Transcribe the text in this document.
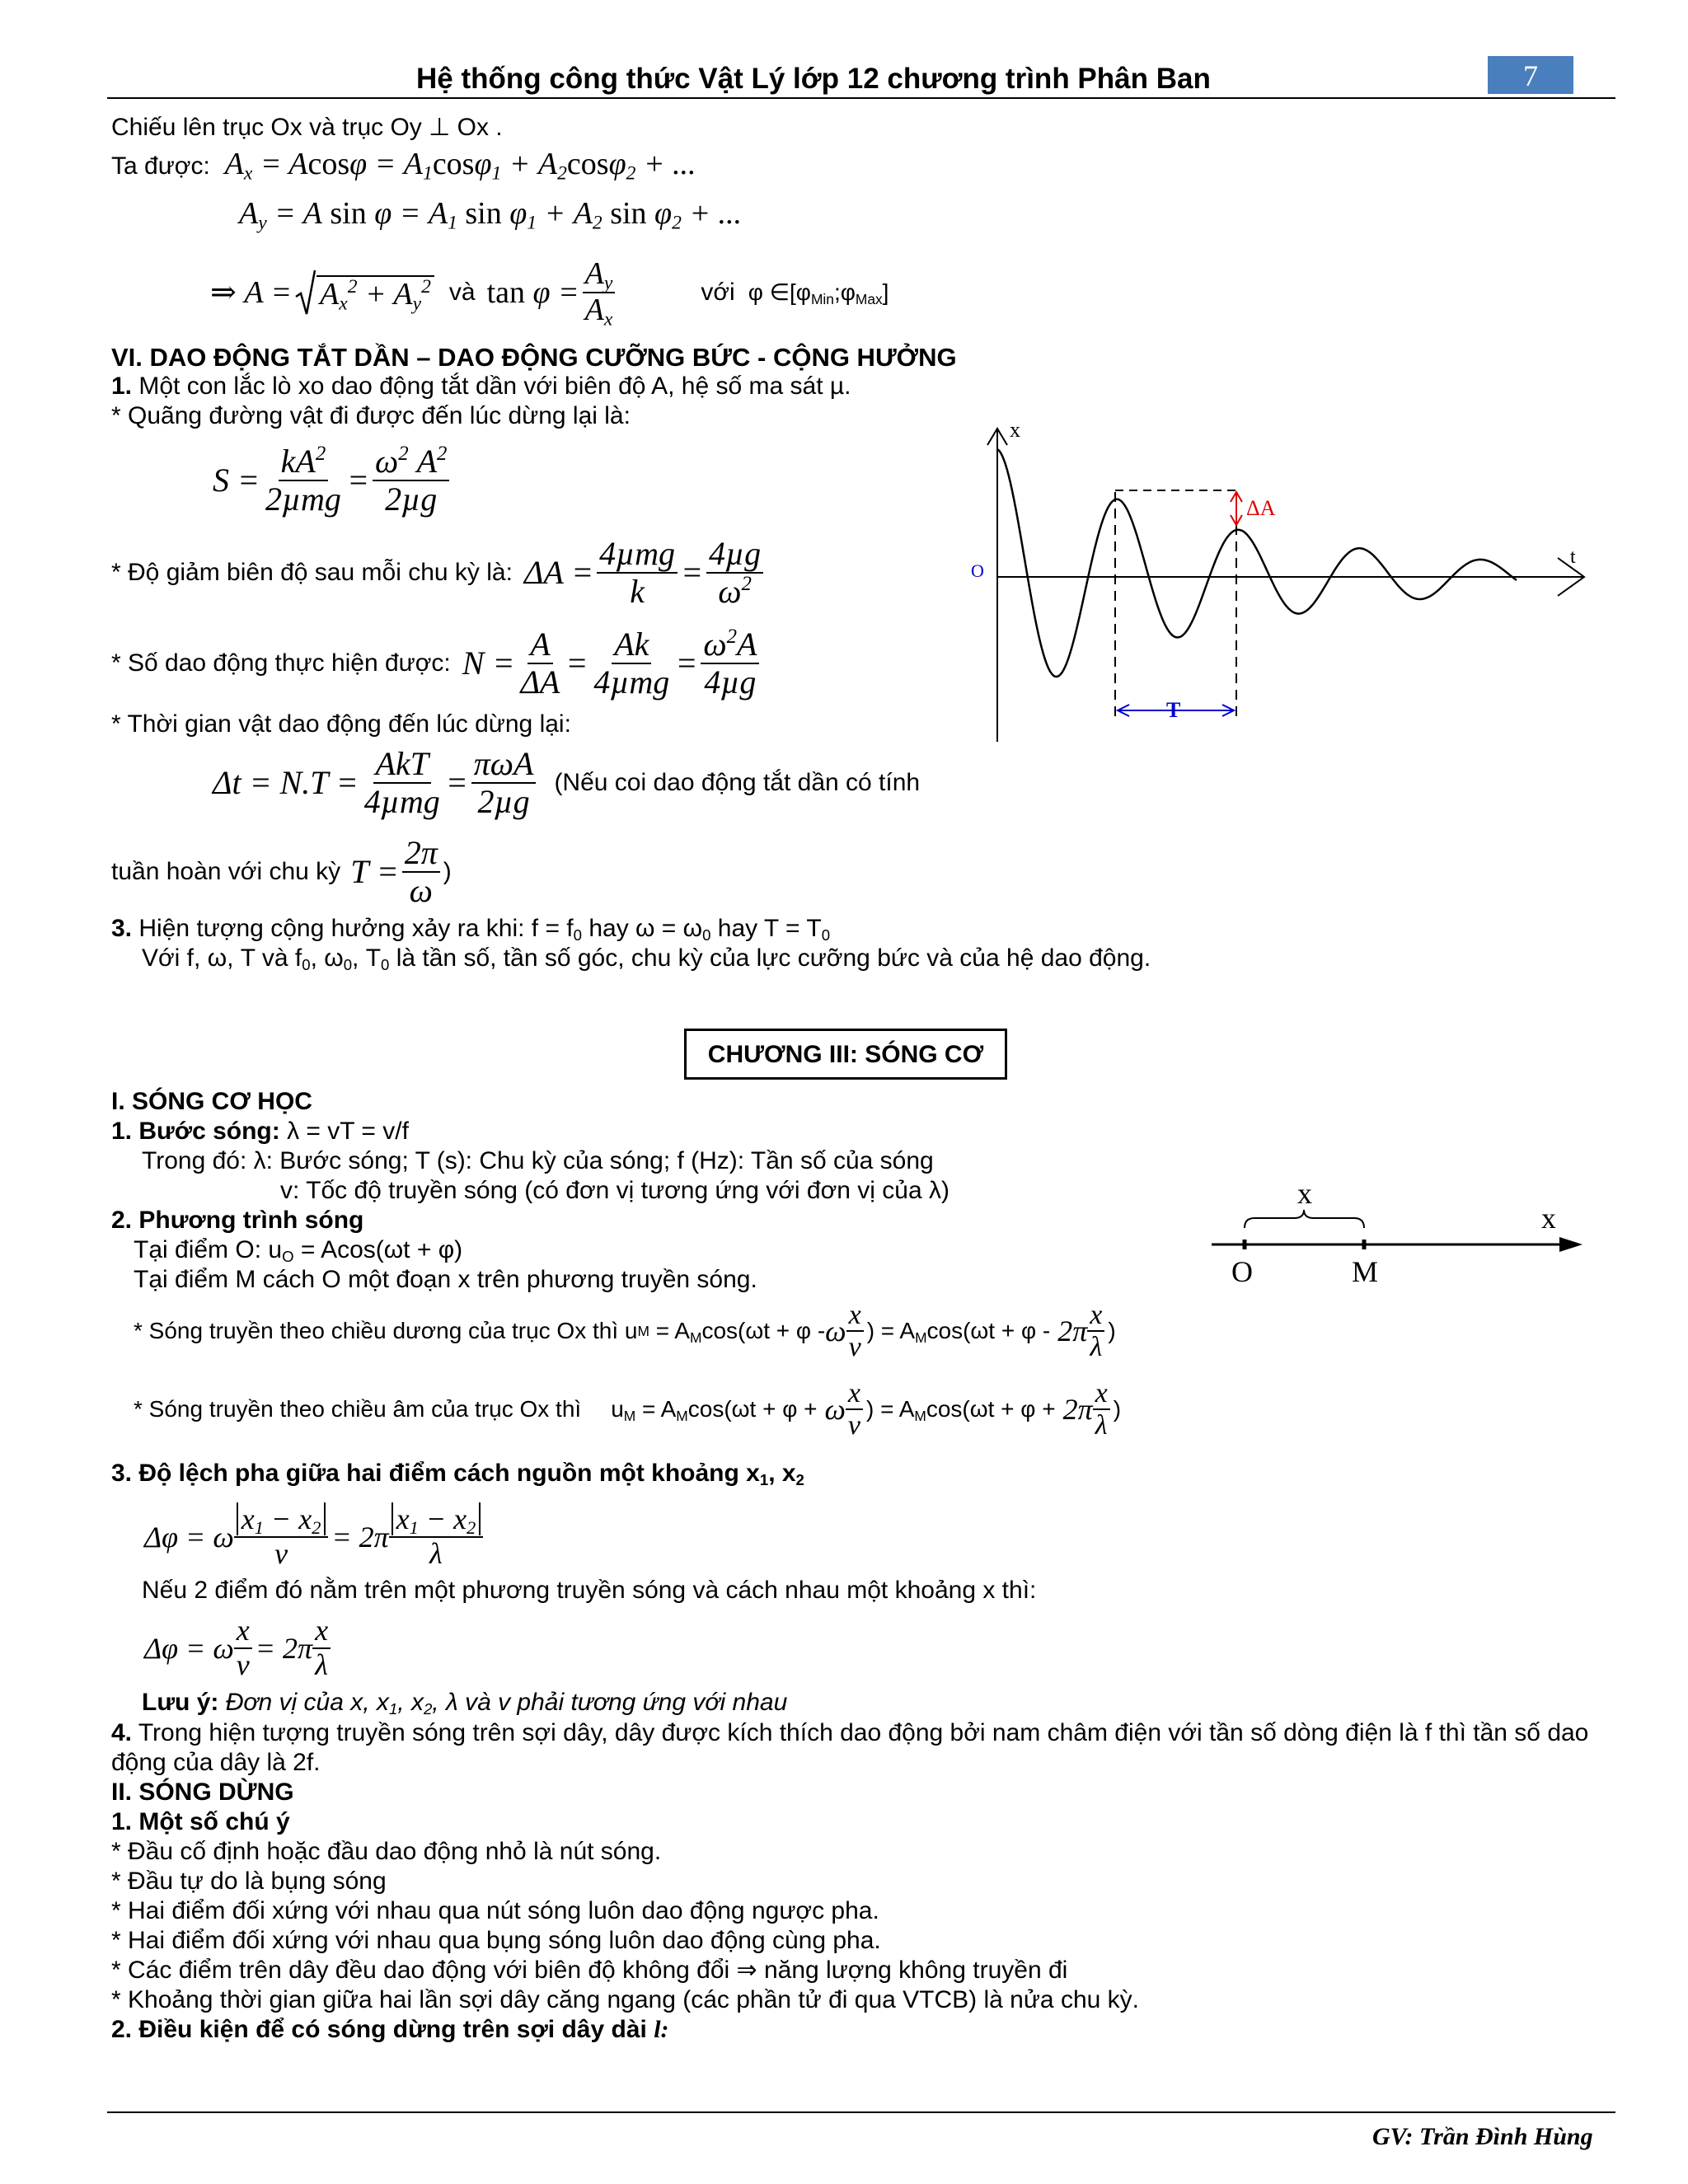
Hệ thống công thức Vật Lý lớp 12 chương trình Phân Ban	7
Chiếu lên trục Ox và trục Oy ⊥ Ox .
Ta được:  $A_x = Acos\varphi = A_1\cos\varphi_1 + A_2\cos\varphi_2$ + ...
$A_y = A$ $\sin \varphi = A_1$ $\sin \varphi_1 + A_2$ $\sin \varphi_2$ + ...
⇒ $A = A_x^2 + A_y^2$ và $\tan \varphi = \frac{A_y}{A_x}$	với φ $\in[\varphi_{Min};\varphi_{Max}]$
VI. DAO ĐỘNG TẮT DẦN – DAO ĐỘNG CƯỠNG BỨC - CỘNG HƯỞNG
1. Một con lắc lò xo dao động tắt dần với biên độ A, hệ số ma sát µ.
* Quãng đường vật đi được đến lúc dừng lại là:
$S = \frac{kA^2}{\text{2µmg}} = \frac{\omega^2 A^2}{\text{2µg}}$
* Độ giảm biên độ sau mỗi chu kỳ là: $\Delta A = \frac{\text{4µmg}}{k} = \frac{\text{4µg}}{\omega^2}$
* Số dao động thực hiện được: $N = \frac{A}{\Delta A} = \frac{Ak}{\text{4µmg}} = \frac{\omega^2A}{\text{4µg}}$
* Thời gian vật dao động đến lúc dừng lại:
$\Delta t = N.T = \frac{\text{AkT}}{\text{4µmg}} = \frac{\text{πωA}}{\text{2µg}}$ (Nếu coi dao động tắt dần có tính
tuần hoàn với chu kỳ $T = \frac{2\pi}{\omega}$ )
3. Hiện tượng cộng hưởng xảy ra khi: $f = f_0$ hay $\omega = \omega_0$ hay $T = T_0$
Với f, ω, T và $f_0$, $\omega_0$, $T_0$ là tần số, tần số góc, chu kỳ của lực cưỡng bức và của hệ dao động.
x
t
O
ΔA
T
CHƯƠNG III: SÓNG CƠ
I. SÓNG CƠ HỌC
1. Bước sóng: λ = vT = v/f
Trong đó: λ: Bước sóng; T (s): Chu kỳ của sóng; f (Hz): Tần số của sóng
v: Tốc độ truyền sóng (có đơn vị tương ứng với đơn vị của λ)
2. Phương trình sóng
Tại điểm O: $u_O = Acos(\omega t + \varphi)$
Tại điểm M cách O một đoạn x trên phương truyền sóng.
x
x
O	M
* Sóng truyền theo chiều dương của trục Ox thì u $M = A_M\cos(\omega t + \varphi - \omega \frac{x}{v}$ ) = $A_M\cos(\omega t + \varphi - 2\pi \frac{x}{\lambda}$ )
* Sóng truyền theo chiều âm của trục Ox thì $u_M = A_M\cos(\omega t + \varphi + \omega \frac{x}{v}$ ) = $A_M\cos(\omega t + \varphi + 2\pi \frac{x}{\lambda}$ )
3. Độ lệch pha giữa hai điểm cách nguồn một khoảng $x_1$, $x_2$
Δφ = ω $\frac{x_1 - x_2}{v} = 2\pi \frac{x_1 - x_2}{\lambda}$
Nếu 2 điểm đó nằm trên một phương truyền sóng và cách nhau một khoảng x thì:
Δφ = ω $\frac{x}{v} = 2\pi \frac{x}{\lambda}$
Lưu ý: Đơn vị của x, $x_1$, $x_2$, λ và v phải tương ứng với nhau
4. Trong hiện tượng truyền sóng trên sợi dây, dây được kích thích dao động bởi nam châm điện với tần số dòng điện là f thì tần số dao
động của dây là 2f.
II. SÓNG DỪNG
1. Một số chú ý
* Đầu cố định hoặc đầu dao động nhỏ là nút sóng.
* Đầu tự do là bụng sóng
* Hai điểm đối xứng với nhau qua nút sóng luôn dao động ngược pha.
* Hai điểm đối xứng với nhau qua bụng sóng luôn dao động cùng pha.
* Các điểm trên dây đều dao động với biên độ không đổi ⇒ năng lượng không truyền đi
* Khoảng thời gian giữa hai lần sợi dây căng ngang (các phần tử đi qua VTCB) là nửa chu kỳ.
2. Điều kiện để có sóng dừng trên sợi dây dài l:
GV: Trần Đình Hùng
